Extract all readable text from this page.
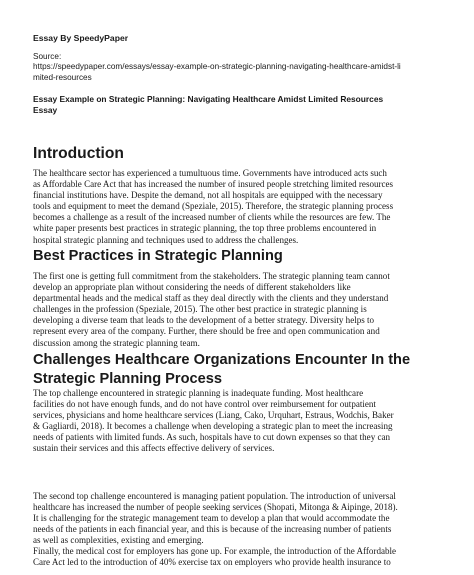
Essay By SpeedyPaper
Source:
https://speedypaper.com/essays/essay-example-on-strategic-planning-navigating-healthcare-amidst-li
mited-resources
Essay Example on Strategic Planning: Navigating Healthcare Amidst Limited Resources
Essay
Introduction
The healthcare sector has experienced a tumultuous time. Governments have introduced acts such
as Affordable Care Act that has increased the number of insured people stretching limited resources
financial institutions have. Despite the demand, not all hospitals are equipped with the necessary
tools and equipment to meet the demand (Speziale, 2015). Therefore, the strategic planning process
becomes a challenge as a result of the increased number of clients while the resources are few. The
white paper presents best practices in strategic planning, the top three problems encountered in
hospital strategic planning and techniques used to address the challenges.
Best Practices in Strategic Planning
The first one is getting full commitment from the stakeholders. The strategic planning team cannot
develop an appropriate plan without considering the needs of different stakeholders like
departmental heads and the medical staff as they deal directly with the clients and they understand
challenges in the profession (Speziale, 2015). The other best practice in strategic planning is
developing a diverse team that leads to the development of a better strategy. Diversity helps to
represent every area of the company. Further, there should be free and open communication and
discussion among the strategic planning team.
Challenges Healthcare Organizations Encounter In the
Strategic Planning Process
The top challenge encountered in strategic planning is inadequate funding. Most healthcare
facilities do not have enough funds, and do not have control over reimbursement for outpatient
services, physicians and home healthcare services (Liang, Cako, Urquhart, Estraus, Wodchis, Baker
& Gagliardi, 2018). It becomes a challenge when developing a strategic plan to meet the increasing
needs of patients with limited funds. As such, hospitals have to cut down expenses so that they can
sustain their services and this affects effective delivery of services.
The second top challenge encountered is managing patient population. The introduction of universal
healthcare has increased the number of people seeking services (Shopati, Mitonga & Aipinge, 2018).
It is challenging for the strategic management team to develop a plan that would accommodate the
needs of the patients in each financial year, and this is because of the increasing number of patients
as well as complexities, existing and emerging.
Finally, the medical cost for employers has gone up. For example, the introduction of the Affordable
Care Act led to the introduction of 40% exercise tax on employers who provide health insurance to
